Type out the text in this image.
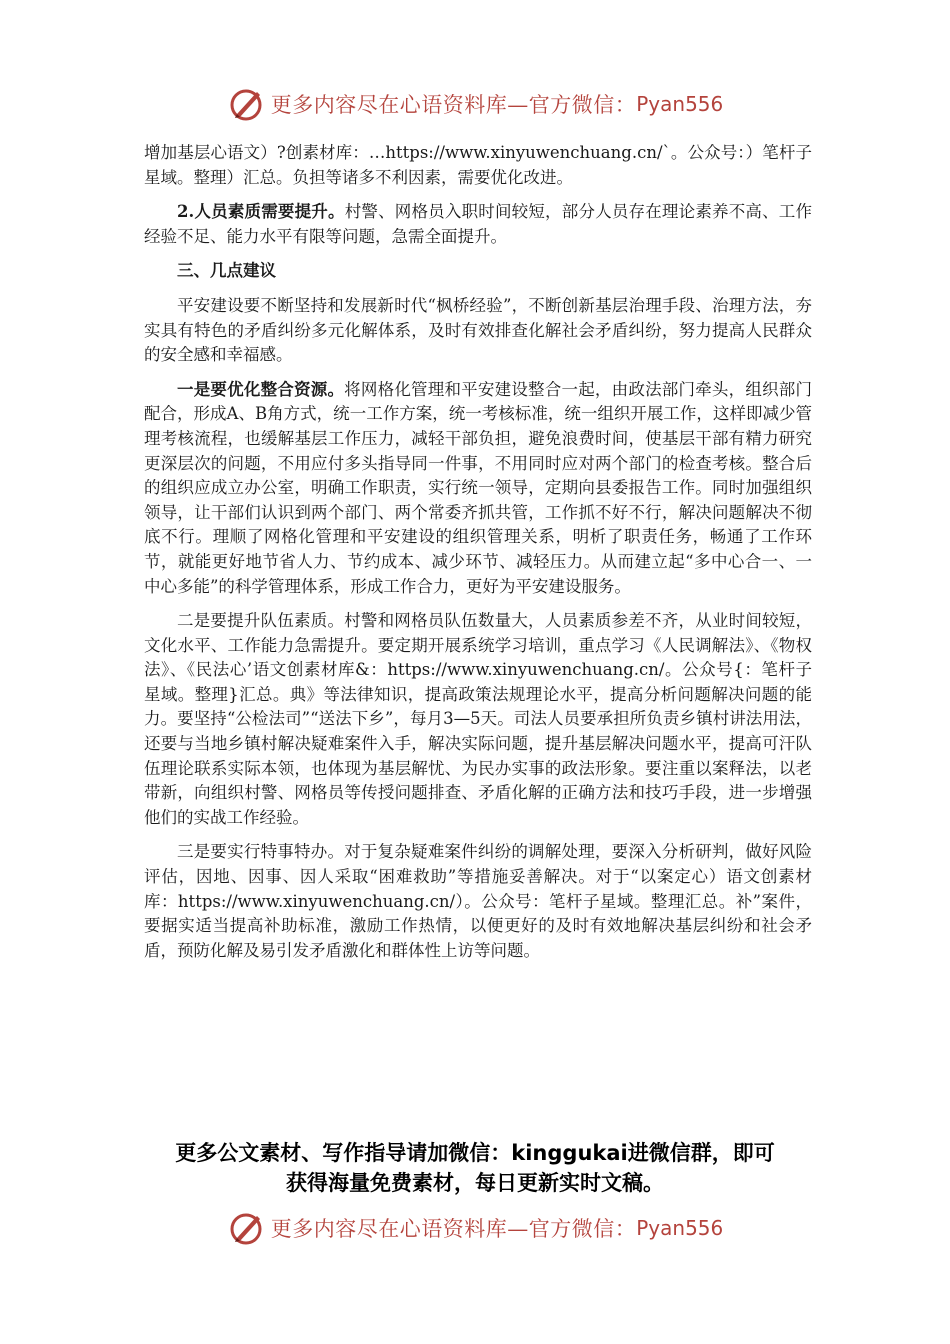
更多内容尽在心语资料库—官方微信： Pyan556

增加基层心语文）?创素材库：…https://www.xinyuwenchuang.cn/`。公众号：）笔杆子星域。整理）汇总。负担等诸多不利因素，需要优化改进。

2.人员素质需要提升。村警、网格员入职时间较短，部分人员存在理论素养不高、工作经验不足、能力水平有限等问题，急需全面提升。

三、几点建议

平安建设要不断坚持和发展新时代“枫桥经验”，不断创新基层治理手段、治理方法，夯实具有特色的矛盾纠纷多元化解体系，及时有效排查化解社会矛盾纠纷，努力提高人民群众的安全感和幸福感。

一是要优化整合资源。将网格化管理和平安建设整合一起，由政法部门牵头，组织部门配合，形成A、B角方式，统一工作方案，统一考核标准，统一组织开展工作，这样即减少管理考核流程，也缓解基层工作压力，减轻干部负担，避免浪费时间，使基层干部有精力研究更深层次的问题，不用应付多头指导同一件事，不用同时应对两个部门的检查考核。整合后的组织应成立办公室，明确工作职责，实行统一领导，定期向县委报告工作。同时加强组织领导，让干部们认识到两个部门、两个常委齐抓共管，工作抓不好不行，解决问题解决不彻底不行。理顺了网格化管理和平安建设的组织管理关系，明析了职责任务，畅通了工作环节，就能更好地节省人力、节约成本、减少环节、减轻压力。从而建立起“多中心合一、一中心多能”的科学管理体系，形成工作合力，更好为平安建设服务。

二是要提升队伍素质。村警和网格员队伍数量大，人员素质参差不齐，从业时间较短，文化水平、工作能力急需提升。要定期开展系统学习培训，重点学习《人民调解法》、《物权法》、《民法心’语文创素材库&：https://www.xinyuwenchuang.cn/。公众号{：笔杆子星域。整理}汇总。典》等法律知识，提高政策法规理论水平，提高分析问题解决问题的能力。要坚持“公检法司”“送法下乡”，每月3—5天。司法人员要承担所负责乡镇村讲法用法，还要与当地乡镇村解决疑难案件入手，解决实际问题，提升基层解决问题水平，提高可汗队伍理论联系实际本领，也体现为基层解忧、为民办实事的政法形象。要注重以案释法，以老带新，向组织村警、网格员等传授问题排查、矛盾化解的正确方法和技巧手段，进一步增强他们的实战工作经验。

三是要实行特事特办。对于复杂疑难案件纠纷的调解处理，要深入分析研判，做好风险评估，因地、因事、因人采取“困难救助”等措施妥善解决。对于“以案定心）语文创素材库：https://www.xinyuwenchuang.cn/）。公众号：笔杆子星域。整理汇总。补”案件，要据实适当提高补助标准，激励工作热情，以便更好的及时有效地解决基层纠纷和社会矛盾，预防化解及易引发矛盾激化和群体性上访等问题。

更多公文素材、写作指导请加微信：kinggukai进微信群，即可
获得海量免费素材，每日更新实时文稿。
更多内容尽在心语资料库—官方微信： Pyan556
